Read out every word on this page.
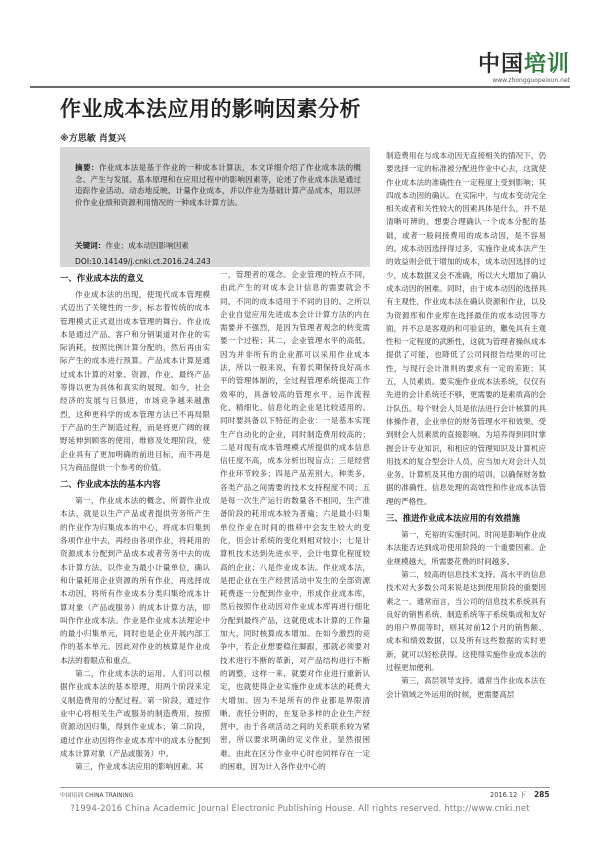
中国培训
www.zhongguopeixun.net
作业成本法应用的影响因素分析
※方思敏 肖复兴
摘要：作业成本法是基于作业的一种成本计算法，本文详细介绍了作业成本法的概念、产生与发展、基本原理和在应用过程中的影响因素等，论述了作业成本法是通过追踪作业活动、动态地反映、计量作业成本，并以作业为基础计算产品成本，用以评价作业业绩和资源利用情况的一种成本计算方法。
关键词：作业；成本动因影响因素
DOI:10.14149/j.cnki.ct.2016.24.243
一、作业成本法的意义

作业成本法的出现，使现代成本管理模式迈出了关键性的一步，标志着传统的成本管理模式正式退出成本管理的舞台。作业成本是通过产品、客户和分销渠道对作业的实际消耗，按照比例计算分配的，然后再由实际产生的成本进行预算。产品成本计算是通过成本计算的对象、资源、作业、最终产品等得以更为具体和真实的展现。如今，社会经济的发展与日俱进，市场竞争越来越激烈，这种更科学的成本管理方法已不再局限于产品的生产制造过程，而是将更广阔的视野延伸到顾客的使用，维修及处理阶段，使企业具有了更加明确的前进目标，而不再是只为商品提供一个参考的价值。

二、作业成本法的基本内容

第一，作业成本法的概念。所谓作业成本法，就是以生产产品或者提供劳务所产生的作业作为归集成本的中心，将成本归集到各项作业中去，再经由各项作业，将耗用的资源成本分配到产品成本或者劳务中去的成本计算方法。以作业为最小计量单位，确认和计量耗用企业资源的所有作业，再选择成本动因，将所有作业成本分类归集给成本计算对象（产品或服务）的成本计算方法，即叫作作业成本法。作业是作业成本法理论中的最小归集单元，同时也是企业开展内部工作的基本单元。因此对作业的核算是作业成本法的着眼点和重点。

第二，作业成本法的运用。人们可以根据作业成本法的基本原理，用两个阶段来定义制造费用的分配过程。第一阶段，通过作业中心将相关生产或服务的制造费用，按照资源动因归集，得到作业成本；第二阶段，通过作业动因将作业成本库中的成本分配到成本计算对象（产品或服务）中。

第三，作业成本法应用的影响因素。其

一，管理者的观念。企业管理的特点不同，由此产生的对成本会计信息的需要就会不同，不同的成本适用于不同的目的。之所以企业自觉应用先进成本会计计算方法的内在需要并不强烈，是因为管理者观念的转变需要一个过程；其二，企业管理水平的高低。因为并非所有的企业都可以采用作业成本法，所以一般来说，有着长期保持良好高水平的管理体制的，全过程管理系统提高工作效率的，具备较高的管理水平，运作流程化、精细化、信息化的企业是比较适用的。同时要具备以下特征的企业：一是基本实现生产自动化的企业，同时制造费用较高的；二是对现有成本管理模式所提供的成本信息信任度不高，成本分析出现盲点；三是经营作业环节较多；四是产品差别大，种类多，各类产品之间需要的技术支持程度不同；五是每一次生产运行的数量各不相同，生产准备阶段的耗用成本较为普遍；六是最小归集单位作业在时间的推移中会发生较大的变化，但会计系统的变化则相对较小；七是计算机技术达到先进水平，会计电算化程度较高的企业；八是作业成本法。作业成本法，是把企业在生产经营活动中发生的全部资源耗费逐一分配到作业中，形成作业成本库，然后按照作业动因对作业成本库再进行细化分配到最终产品，这就使成本计算的工作量加大，同时核算成本增加。在如今激烈的竞争中，若企业想要稳住脚跟，那就必须要对技术进行不断的革新，对产品结构进行不断的调整，这样一来，就要对作业进行重新认定，也就使得企业实施作业成本法的耗费大大增加。因为不是所有的作业都是界限清晰、责任分明的，在复杂多样的企业生产经营中，由于各项活动之间的关系联系较为紧密，所以要求明确的定义作业，显然很困难。由此在区分作业中心时也同样存在一定的困难，因为计入各作业中心的

制造费用在与成本动因无直接相关的情况下，仍要选择一定的标准被分配进作业中心去，这就使作业成本法的准确性在一定程度上受到影响；其四成本动因的确认。在实际中，与成本变动完全相关或者和关性较大的因素具体是什么，并不是清晰可辨的。想要合理确认一个成本分配的基础，或者一般间接费用的成本动因，是不容易的。成本动因选择得过多，实施作业成本法产生的效益则会低于增加的成本，成本动因选择的过少，成本数据又会不准确，所以大大增加了确认成本动因的困难。同时，由于成本动因的选择具有主观性，作业成本法在确认资源和作业，以及为资源库和作业库在选择最佳的成本动因等方面，并不总是客观的和可验证的，難免具有主观性和一定程度的武断性，这就为管理者操纵成本提供了可能，也降低了公司间报告结果的可比性，与现行会计准则的要求有一定的差距；其五，人员素质。要实施作业成本法系统，仅仅有先进的会计系统还不够，更需要的是素质高的会计队伍。每个财会人员是依法进行会计核算的具体操作者，企业单位的财务管理水平和效果，受到财会人员素质的直接影响。为培养得到同时掌握会计专业知识，和相应的管理知识及计算机应用技术的复合型会计人员，应当加大对会计人员业务、计算机及其他方面的培训，以确保财务数据的准确性、信息处理的高效性和作业成本法管理的严格性。

三、推进作业成本法应用的有效措施

第一，充裕的实施时间。时间是影响作业成本法能否达到成功使用阶段的一个重要因素。企业规模越大，所需要花费的时间越多。

第二，较高的信息技术支持。高水平的信息技术对大多数公司来说是达到使用阶段的重要因素之一。通常而言，当公司的信息技术系统具有良好的销售系统、制造系统等子系统集成和友好的用户界面等时，则其对前12个月的销售额、成本和绩效数据，以及所有这些数据的实时更新，就可以轻松获得。这使得实施作业成本法的过程更加便利。

第三，高层领导支持。通常当作业成本法在会计领域之外运用的时候，更需要高层

中国培训 CHINA TRAINING	2016.12 下 285
?1994-2016 China Academic Journal Electronic Publishing House. All rights reserved. http://www.cnki.net
